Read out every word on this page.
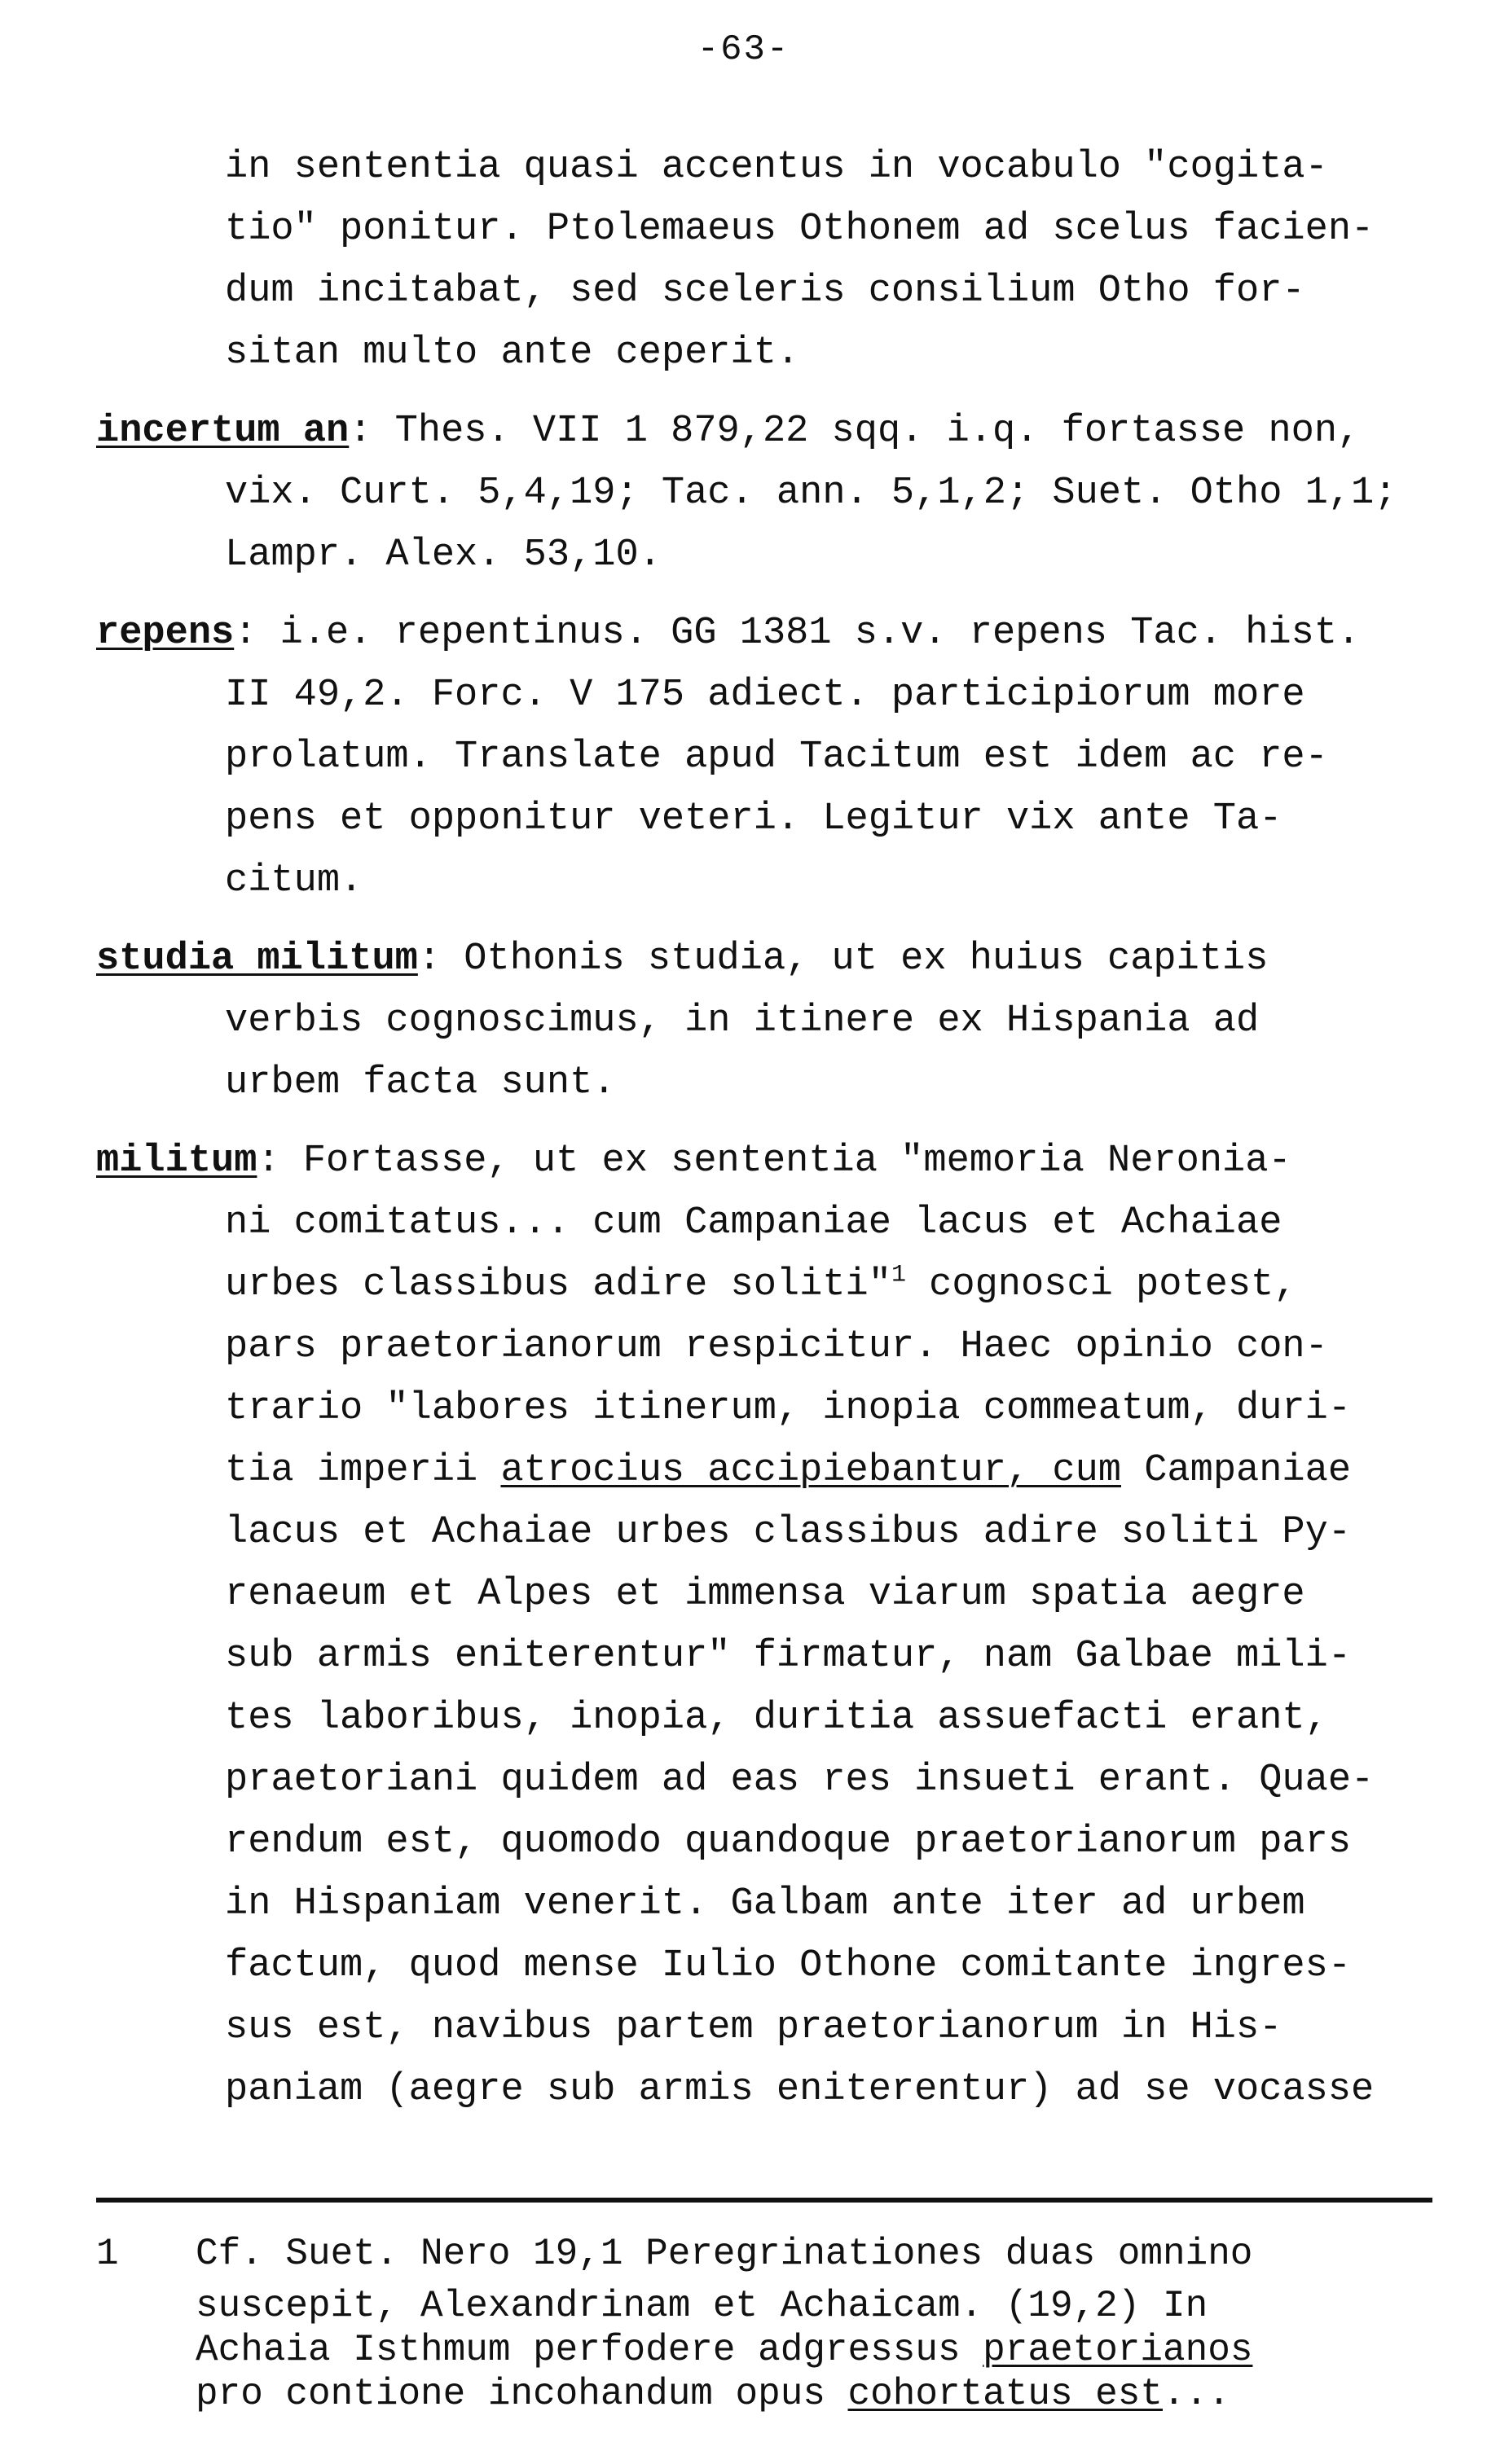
-63-
in sententia quasi accentus in vocabulo "cogita-
tio" ponitur. Ptolemaeus Othonem ad scelus facien-
dum incitabat, sed sceleris consilium Otho for-
sitan multo ante ceperit.
incertum an: Thes. VII 1 879,22 sqq. i.q. fortasse non,
vix. Curt. 5,4,19; Tac. ann. 5,1,2; Suet. Otho 1,1;
Lampr. Alex. 53,10.
repens: i.e. repentinus. GG 1381 s.v. repens Tac. hist.
II 49,2. Forc. V 175 adiect. participiorum more
prolatum. Translate apud Tacitum est idem ac re-
pens et opponitur veteri. Legitur vix ante Ta-
citum.
studia militum: Othonis studia, ut ex huius capitis
verbis cognoscimus, in itinere ex Hispania ad
urbem facta sunt.
militum: Fortasse, ut ex sententia "memoria Neronia-
ni comitatus... cum Campaniae lacus et Achaiae
urbes classibus adire soliti"$^1$ cognosci potest,
pars praetorianorum respicitur. Haec opinio con-
trario "labores itinerum, inopia commeatum, duri-
tia imperii atrocius accipiebantur, cum Campaniae
lacus et Achaiae urbes classibus adire soliti Py-
renaeum et Alpes et immensa viarum spatia aegre
sub armis eniterentur" firmatur, nam Galbae mili-
tes laboribus, inopia, duritia assuefacti erant,
praetoriani quidem ad eas res insueti erant. Quae-
rendum est, quomodo quandoque praetorianorum pars
in Hispaniam venerit. Galbam ante iter ad urbem
factum, quod mense Iulio Othone comitante ingres-
sus est, navibus partem praetorianorum in His-
paniam (aegre sub armis eniterentur) ad se vocasse
1	Cf. Suet. Nero 19,1 Peregrinationes duas omnino
suscepit, Alexandrinam et Achaicam. (19,2) In
Achaia Isthmum perfodere adgressus praetorianos
pro contione incohandum opus cohortatus est...
